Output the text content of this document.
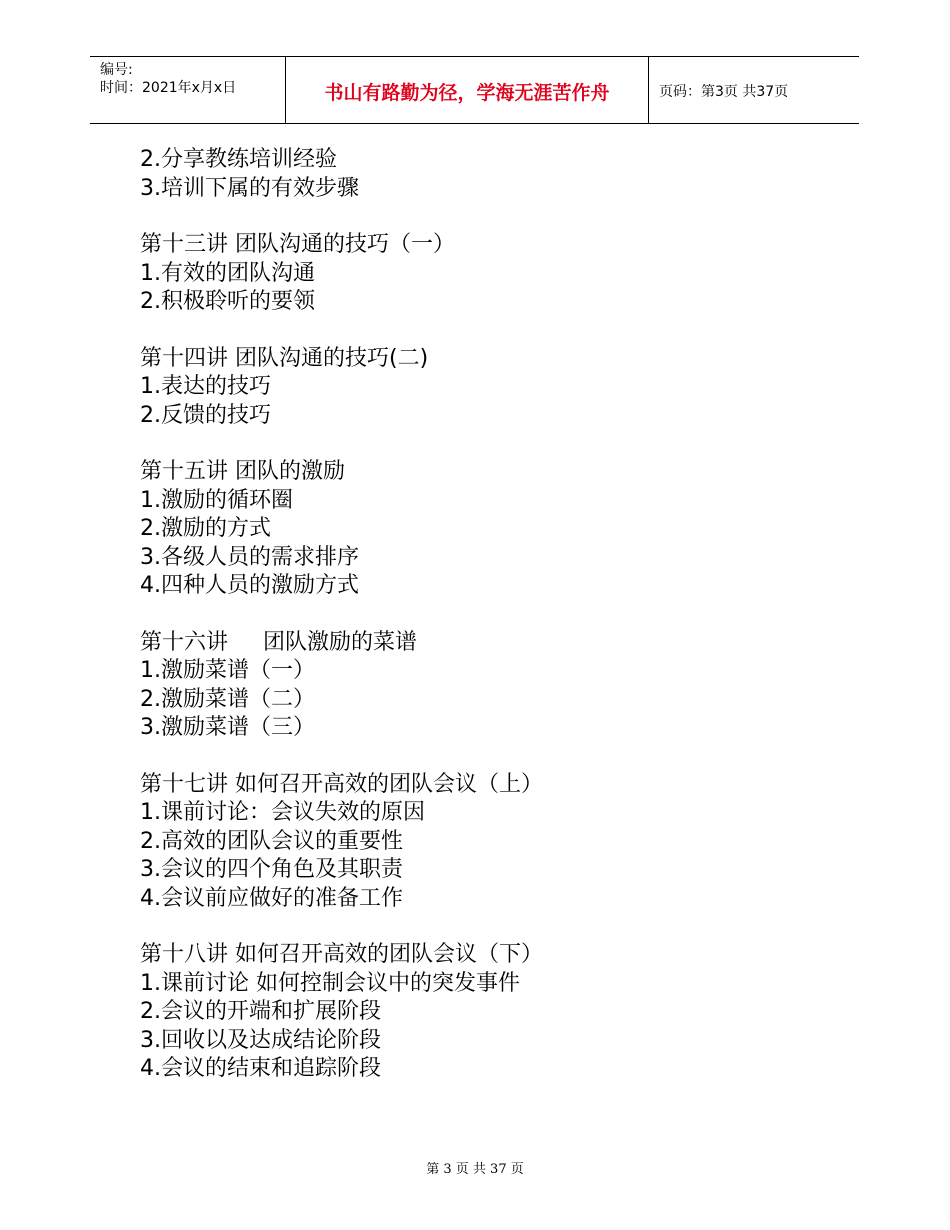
编号:
时间：2021年x月x日	书山有路勤为径，学海无涯苦作舟	页码：第3页 共37页
2.分享教练培训经验
3.培训下属的有效步骤
第十三讲 团队沟通的技巧（一）
1.有效的团队沟通
2.积极聆听的要领
第十四讲 团队沟通的技巧(二)
1.表达的技巧
2.反馈的技巧
第十五讲 团队的激励
1.激励的循环圈
2.激励的方式
3.各级人员的需求排序
4.四种人员的激励方式
第十六讲     团队激励的菜谱
1.激励菜谱（一）
2.激励菜谱（二）
3.激励菜谱（三）
第十七讲 如何召开高效的团队会议（上）
1.课前讨论：会议失效的原因
2.高效的团队会议的重要性
3.会议的四个角色及其职责
4.会议前应做好的准备工作
第十八讲 如何召开高效的团队会议（下）
1.课前讨论 如何控制会议中的突发事件
2.会议的开端和扩展阶段
3.回收以及达成结论阶段
4.会议的结束和追踪阶段
第 3 页 共 37 页
